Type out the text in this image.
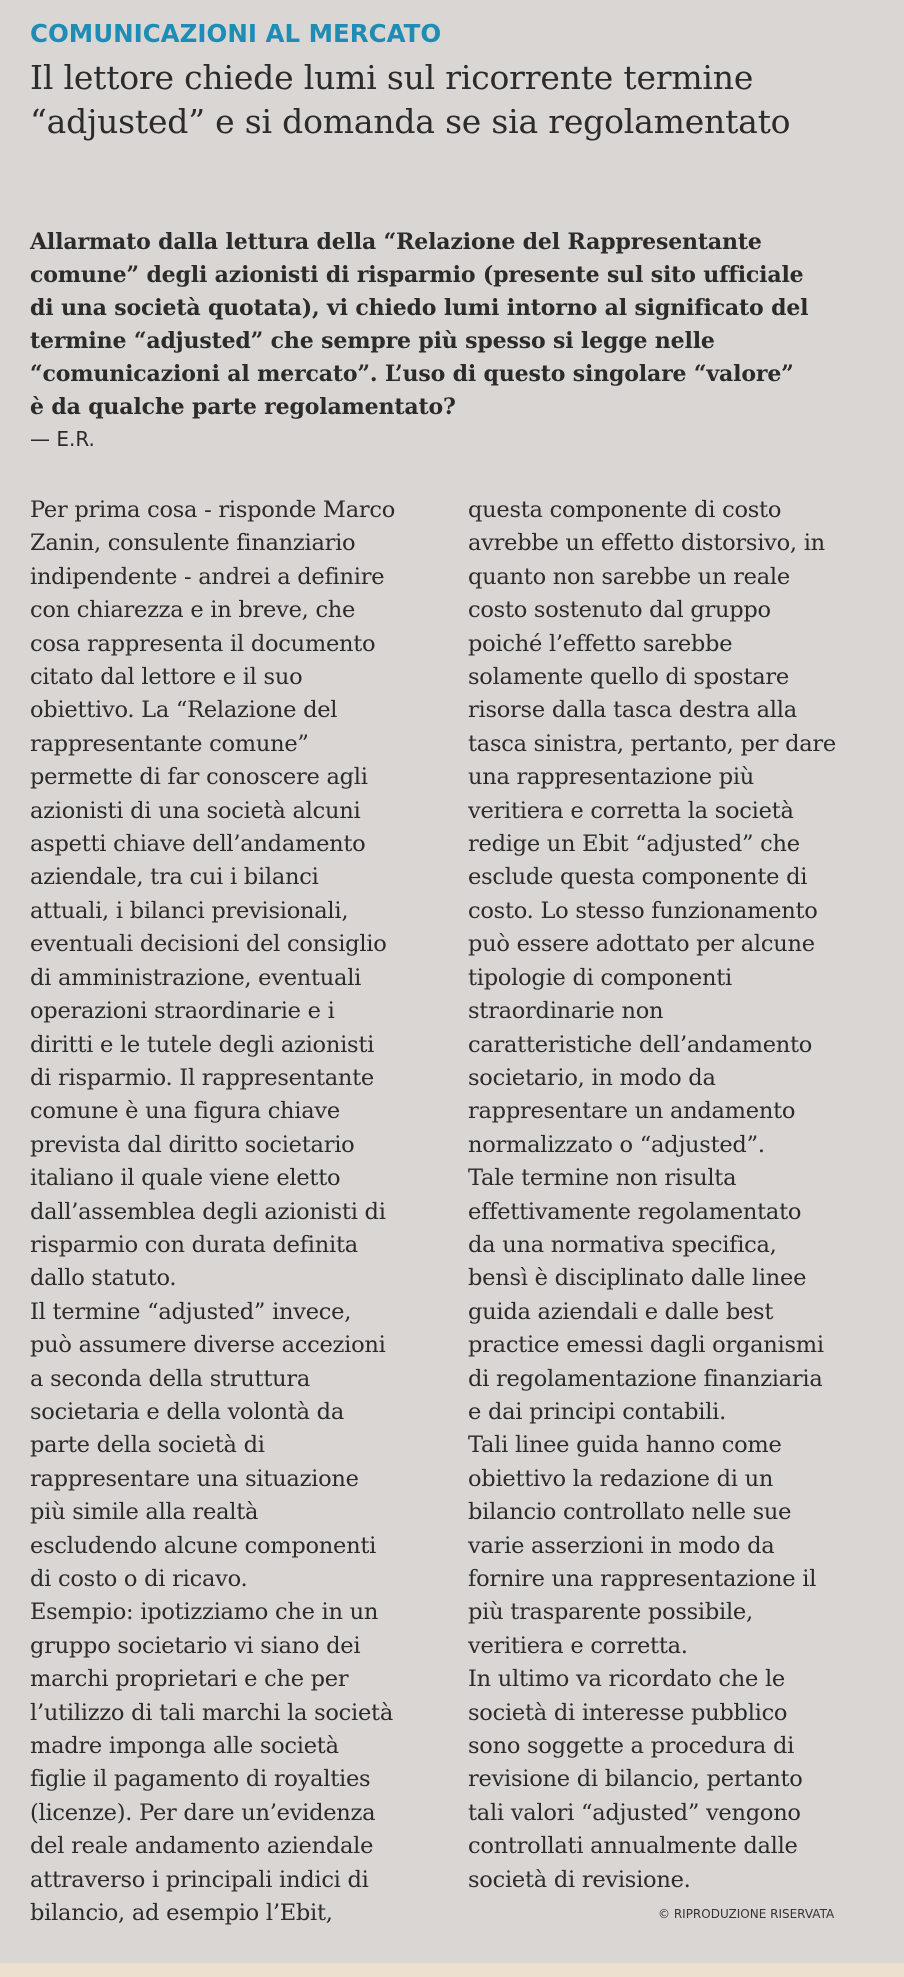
COMUNICAZIONI AL MERCATO
Il lettore chiede lumi sul ricorrente termine
“adjusted” e si domanda se sia regolamentato
Allarmato dalla lettura della “Relazione del Rappresentante
comune” degli azionisti di risparmio (presente sul sito ufficiale
di una società quotata), vi chiedo lumi intorno al significato del
termine “adjusted” che sempre più spesso si legge nelle
“comunicazioni al mercato”. L’uso di questo singolare “valore”
è da qualche parte regolamentato?
— E.R.
Per prima cosa - risponde Marco
Zanin, consulente finanziario
indipendente - andrei a definire
con chiarezza e in breve, che
cosa rappresenta il documento
citato dal lettore e il suo
obiettivo. La “Relazione del
rappresentante comune”
permette di far conoscere agli
azionisti di una società alcuni
aspetti chiave dell’andamento
aziendale, tra cui i bilanci
attuali, i bilanci previsionali,
eventuali decisioni del consiglio
di amministrazione, eventuali
operazioni straordinarie e i
diritti e le tutele degli azionisti
di risparmio. Il rappresentante
comune è una figura chiave
prevista dal diritto societario
italiano il quale viene eletto
dall’assemblea degli azionisti di
risparmio con durata definita
dallo statuto.
Il termine “adjusted” invece,
può assumere diverse accezioni
a seconda della struttura
societaria e della volontà da
parte della società di
rappresentare una situazione
più simile alla realtà
escludendo alcune componenti
di costo o di ricavo.
Esempio: ipotizziamo che in un
gruppo societario vi siano dei
marchi proprietari e che per
l’utilizzo di tali marchi la società
madre imponga alle società
figlie il pagamento di royalties
(licenze). Per dare un’evidenza
del reale andamento aziendale
attraverso i principali indici di
bilancio, ad esempio l’Ebit,
questa componente di costo
avrebbe un effetto distorsivo, in
quanto non sarebbe un reale
costo sostenuto dal gruppo
poiché l’effetto sarebbe
solamente quello di spostare
risorse dalla tasca destra alla
tasca sinistra, pertanto, per dare
una rappresentazione più
veritiera e corretta la società
redige un Ebit “adjusted” che
esclude questa componente di
costo. Lo stesso funzionamento
può essere adottato per alcune
tipologie di componenti
straordinarie non
caratteristiche dell’andamento
societario, in modo da
rappresentare un andamento
normalizzato o “adjusted”.
Tale termine non risulta
effettivamente regolamentato
da una normativa specifica,
bensì è disciplinato dalle linee
guida aziendali e dalle best
practice emessi dagli organismi
di regolamentazione finanziaria
e dai principi contabili.
Tali linee guida hanno come
obiettivo la redazione di un
bilancio controllato nelle sue
varie asserzioni in modo da
fornire una rappresentazione il
più trasparente possibile,
veritiera e corretta.
In ultimo va ricordato che le
società di interesse pubblico
sono soggette a procedura di
revisione di bilancio, pertanto
tali valori “adjusted” vengono
controllati annualmente dalle
società di revisione.
© RIPRODUZIONE RISERVATA
